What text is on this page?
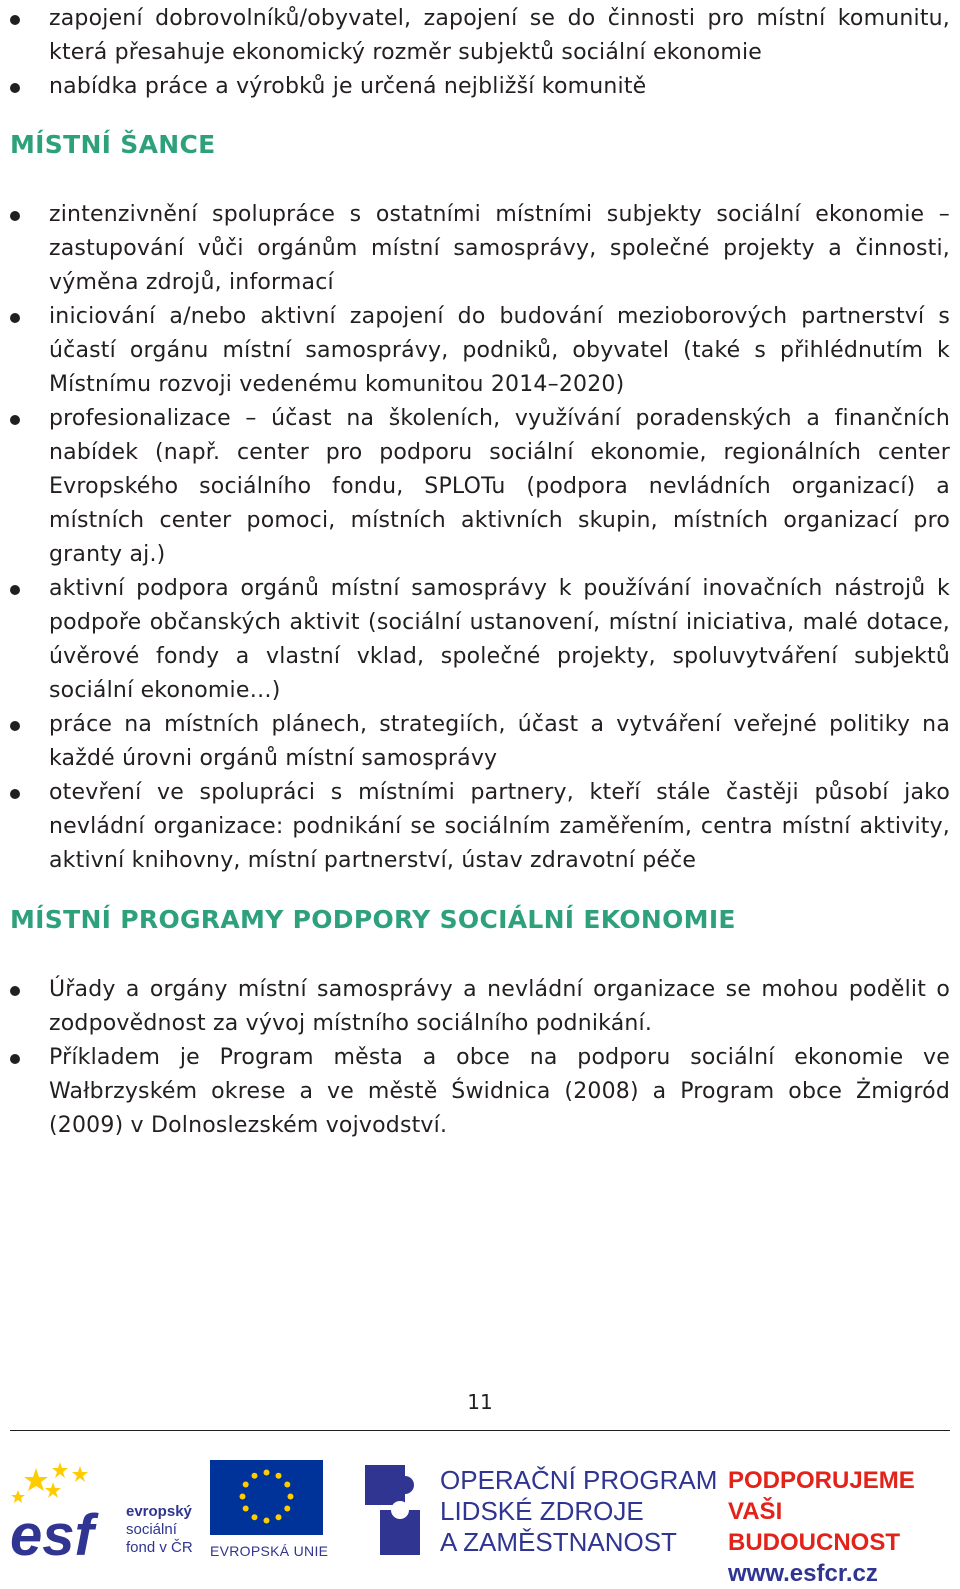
zapojení dobrovolníků/obyvatel, zapojení se do činnosti pro místní komunitu, která přesahuje ekonomický rozměr subjektů sociální ekonomie
nabídka práce a výrobků je určená nejbližší komunitě
MÍSTNÍ ŠANCE
zintenzivnění spolupráce s ostatními místními subjekty sociální ekonomie – zastupování vůči orgánům místní samosprávy, společné projekty a činnosti, výměna zdrojů, informací
iniciování a/nebo aktivní zapojení do budování mezioborových partnerství s účastí orgánu místní samosprávy, podniků, obyvatel (také s přihlédnutím k Místnímu rozvoji vedenému komunitou 2014–2020)
profesionalizace – účast na školeních, využívání poradenských a finančních nabídek (např. center pro podporu sociální ekonomie, regionálních center Evropského sociálního fondu, SPLOTu (podpora nevládních organizací) a místních center pomoci, místních aktivních skupin, místních organizací pro granty aj.)
aktivní podpora orgánů místní samosprávy k používání inovačních nástrojů k podpoře občanských aktivit (sociální ustanovení, místní iniciativa, malé dotace, úvěrové fondy a vlastní vklad, společné projekty, spoluvytváření subjektů sociální ekonomie…)
práce na místních plánech, strategiích, účast a vytváření veřejné politiky na každé úrovni orgánů místní samosprávy
otevření ve spolupráci s místními partnery, kteří stále častěji působí jako nevládní organizace: podnikání se sociálním zaměřením, centra místní aktivity, aktivní knihovny, místní partnerství, ústav zdravotní péče
MÍSTNÍ PROGRAMY PODPORY SOCIÁLNÍ EKONOMIE
Úřady a orgány místní samosprávy a nevládní organizace se mohou podělit o zodpovědnost za vývoj místního sociálního podnikání.
Příkladem je Program města a obce na podporu sociální ekonomie ve Wałbrzyském okrese a ve městě Świdnica (2008) a Program obce Żmigród (2009) v Dolnoslezském vojvodství.
11
esf	evropský
sociální
fond v ČR EVROPSKÁ UNIE
OPERAČNÍ PROGRAM
LIDSKÉ ZDROJE
A ZAMĚSTNANOST
PODPORUJEME
VAŠI BUDOUCNOST
www.esfcr.cz
